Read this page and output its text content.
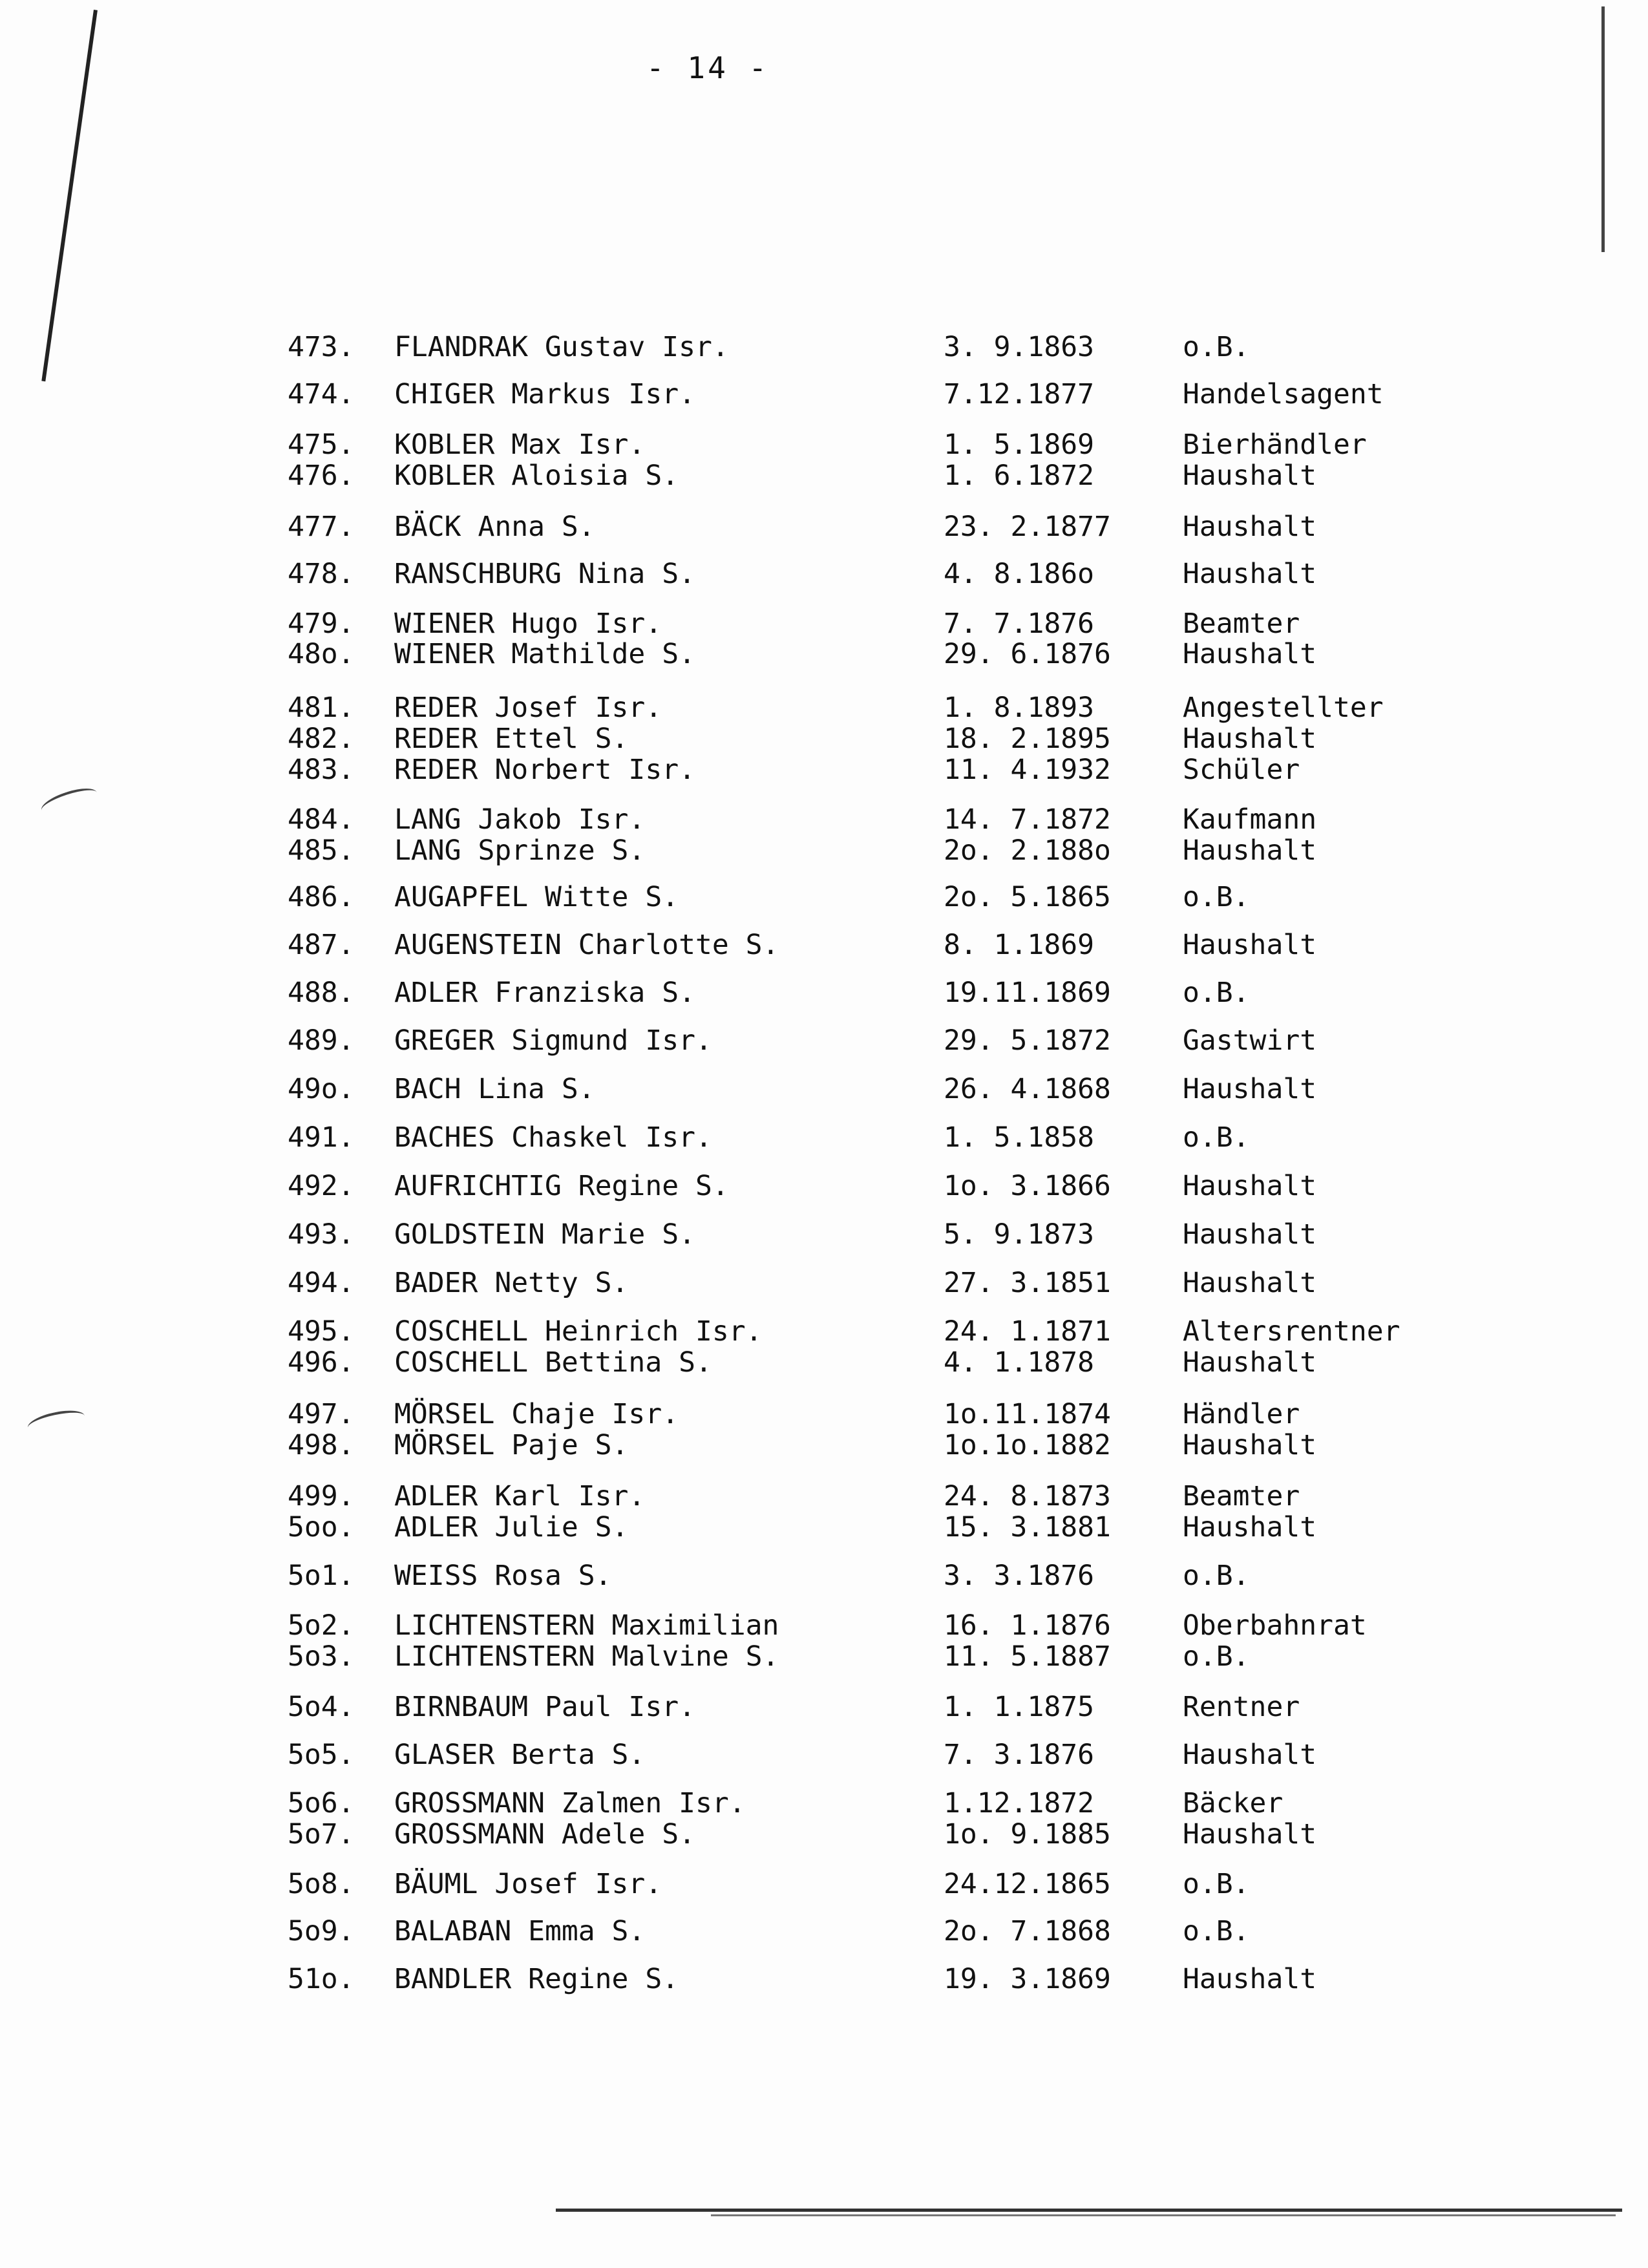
- 14 -
473.	FLANDRAK Gustav Isr.	3. 9.1863	o.B.
474.	CHIGER Markus Isr.	7.12.1877	Handelsagent
475.	KOBLER Max Isr.	1. 5.1869	Bierhändler
476.	KOBLER Aloisia S.	1. 6.1872	Haushalt
477.	BÄCK Anna S.	23. 2.1877	Haushalt
478.	RANSCHBURG Nina S.	4. 8.186o	Haushalt
479.	WIENER Hugo Isr.	7. 7.1876	Beamter
48o.	WIENER Mathilde S.	29. 6.1876	Haushalt
481.	REDER Josef Isr.	1. 8.1893	Angestellter
482.	REDER Ettel S.	18. 2.1895	Haushalt
483.	REDER Norbert Isr.	11. 4.1932	Schüler
484.	LANG Jakob Isr.	14. 7.1872	Kaufmann
485.	LANG Sprinze S.	2o. 2.188o	Haushalt
486.	AUGAPFEL Witte S.	2o. 5.1865	o.B.
487.	AUGENSTEIN Charlotte S.	8. 1.1869	Haushalt
488.	ADLER Franziska S.	19.11.1869	o.B.
489.	GREGER Sigmund Isr.	29. 5.1872	Gastwirt
49o.	BACH Lina S.	26. 4.1868	Haushalt
491.	BACHES Chaskel Isr.	1. 5.1858	o.B.
492.	AUFRICHTIG Regine S.	1o. 3.1866	Haushalt
493.	GOLDSTEIN Marie S.	5. 9.1873	Haushalt
494.	BADER Netty S.	27. 3.1851	Haushalt
495.	COSCHELL Heinrich Isr.	24. 1.1871	Altersrentner
496.	COSCHELL Bettina S.	4. 1.1878	Haushalt
497.	MÖRSEL Chaje Isr.	1o.11.1874	Händler
498.	MÖRSEL Paje S.	1o.1o.1882	Haushalt
499.	ADLER Karl Isr.	24. 8.1873	Beamter
5oo.	ADLER Julie S.	15. 3.1881	Haushalt
5o1.	WEISS Rosa S.	3. 3.1876	o.B.
5o2.	LICHTENSTERN Maximilian	16. 1.1876	Oberbahnrat
5o3.	LICHTENSTERN Malvine S.	11. 5.1887	o.B.
5o4.	BIRNBAUM Paul Isr.	1. 1.1875	Rentner
5o5.	GLASER Berta S.	7. 3.1876	Haushalt
5o6.	GROSSMANN Zalmen Isr.	1.12.1872	Bäcker
5o7.	GROSSMANN Adele S.	1o. 9.1885	Haushalt
5o8.	BÄUML Josef Isr.	24.12.1865	o.B.
5o9.	BALABAN Emma S.	2o. 7.1868	o.B.
51o.	BANDLER Regine S.	19. 3.1869	Haushalt
